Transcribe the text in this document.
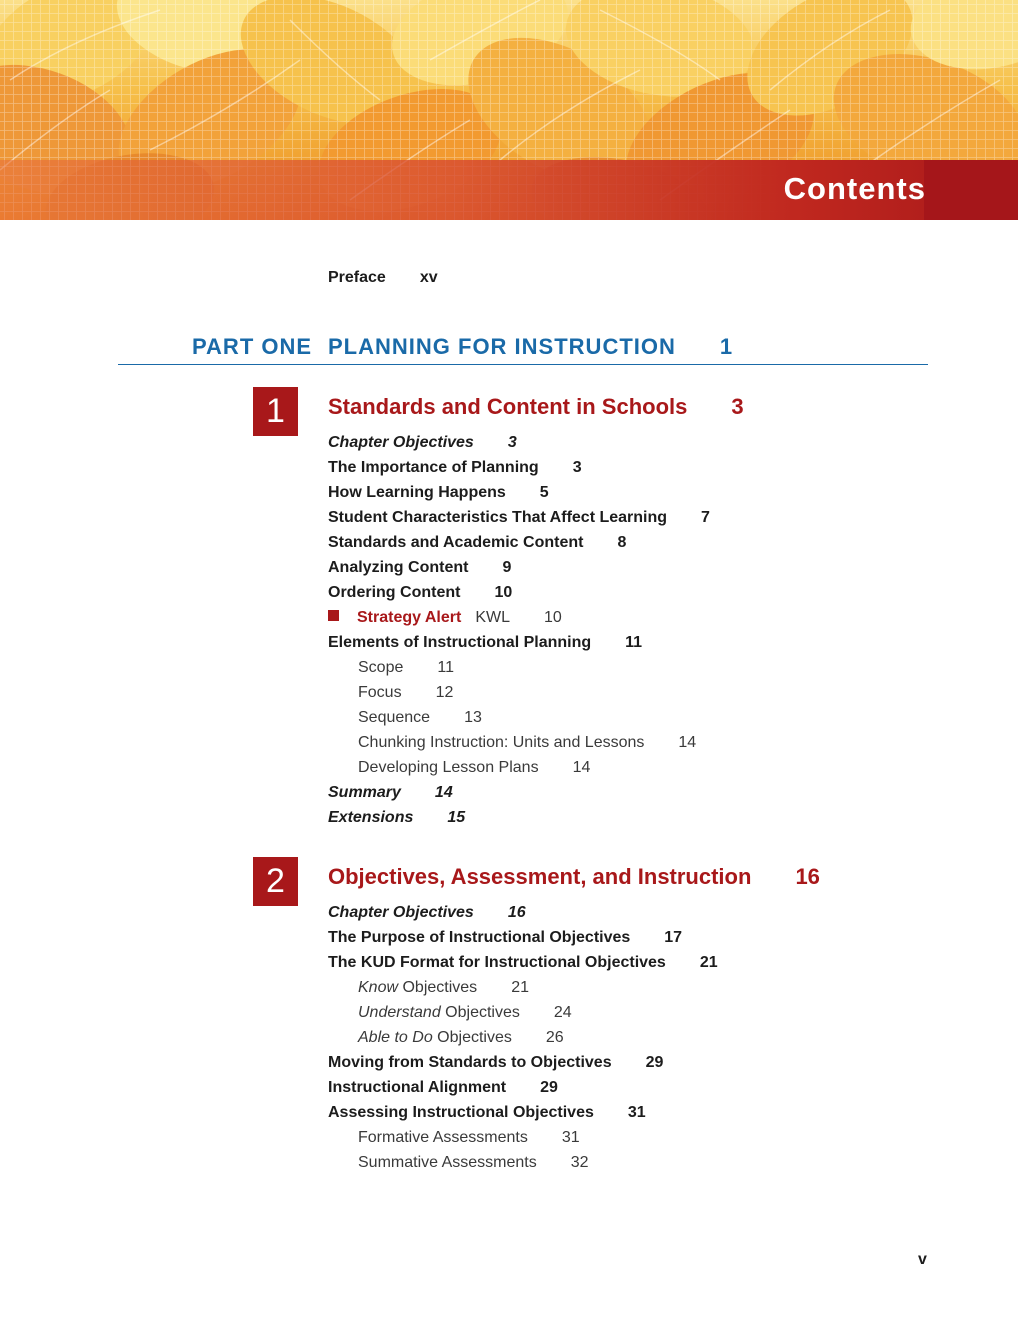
Contents
Preface xv
PART ONE PLANNING FOR INSTRUCTION 1
1	Standards and Content in Schools 3
Chapter Objectives 3
The Importance of Planning 3
How Learning Happens 5
Student Characteristics That Affect Learning 7
Standards and Academic Content 8
Analyzing Content 9
Ordering Content 10
Strategy Alert KWL 10
Elements of Instructional Planning 11
Scope 11
Focus 12
Sequence 13
Chunking Instruction: Units and Lessons 14
Developing Lesson Plans 14
Summary 14
Extensions 15
2	Objectives, Assessment, and Instruction 16
Chapter Objectives 16
The Purpose of Instructional Objectives 17
The KUD Format for Instructional Objectives 21
Know Objectives 21
Understand Objectives 24
Able to Do Objectives 26
Moving from Standards to Objectives 29
Instructional Alignment 29
Assessing Instructional Objectives 31
Formative Assessments 31
Summative Assessments 32
v
